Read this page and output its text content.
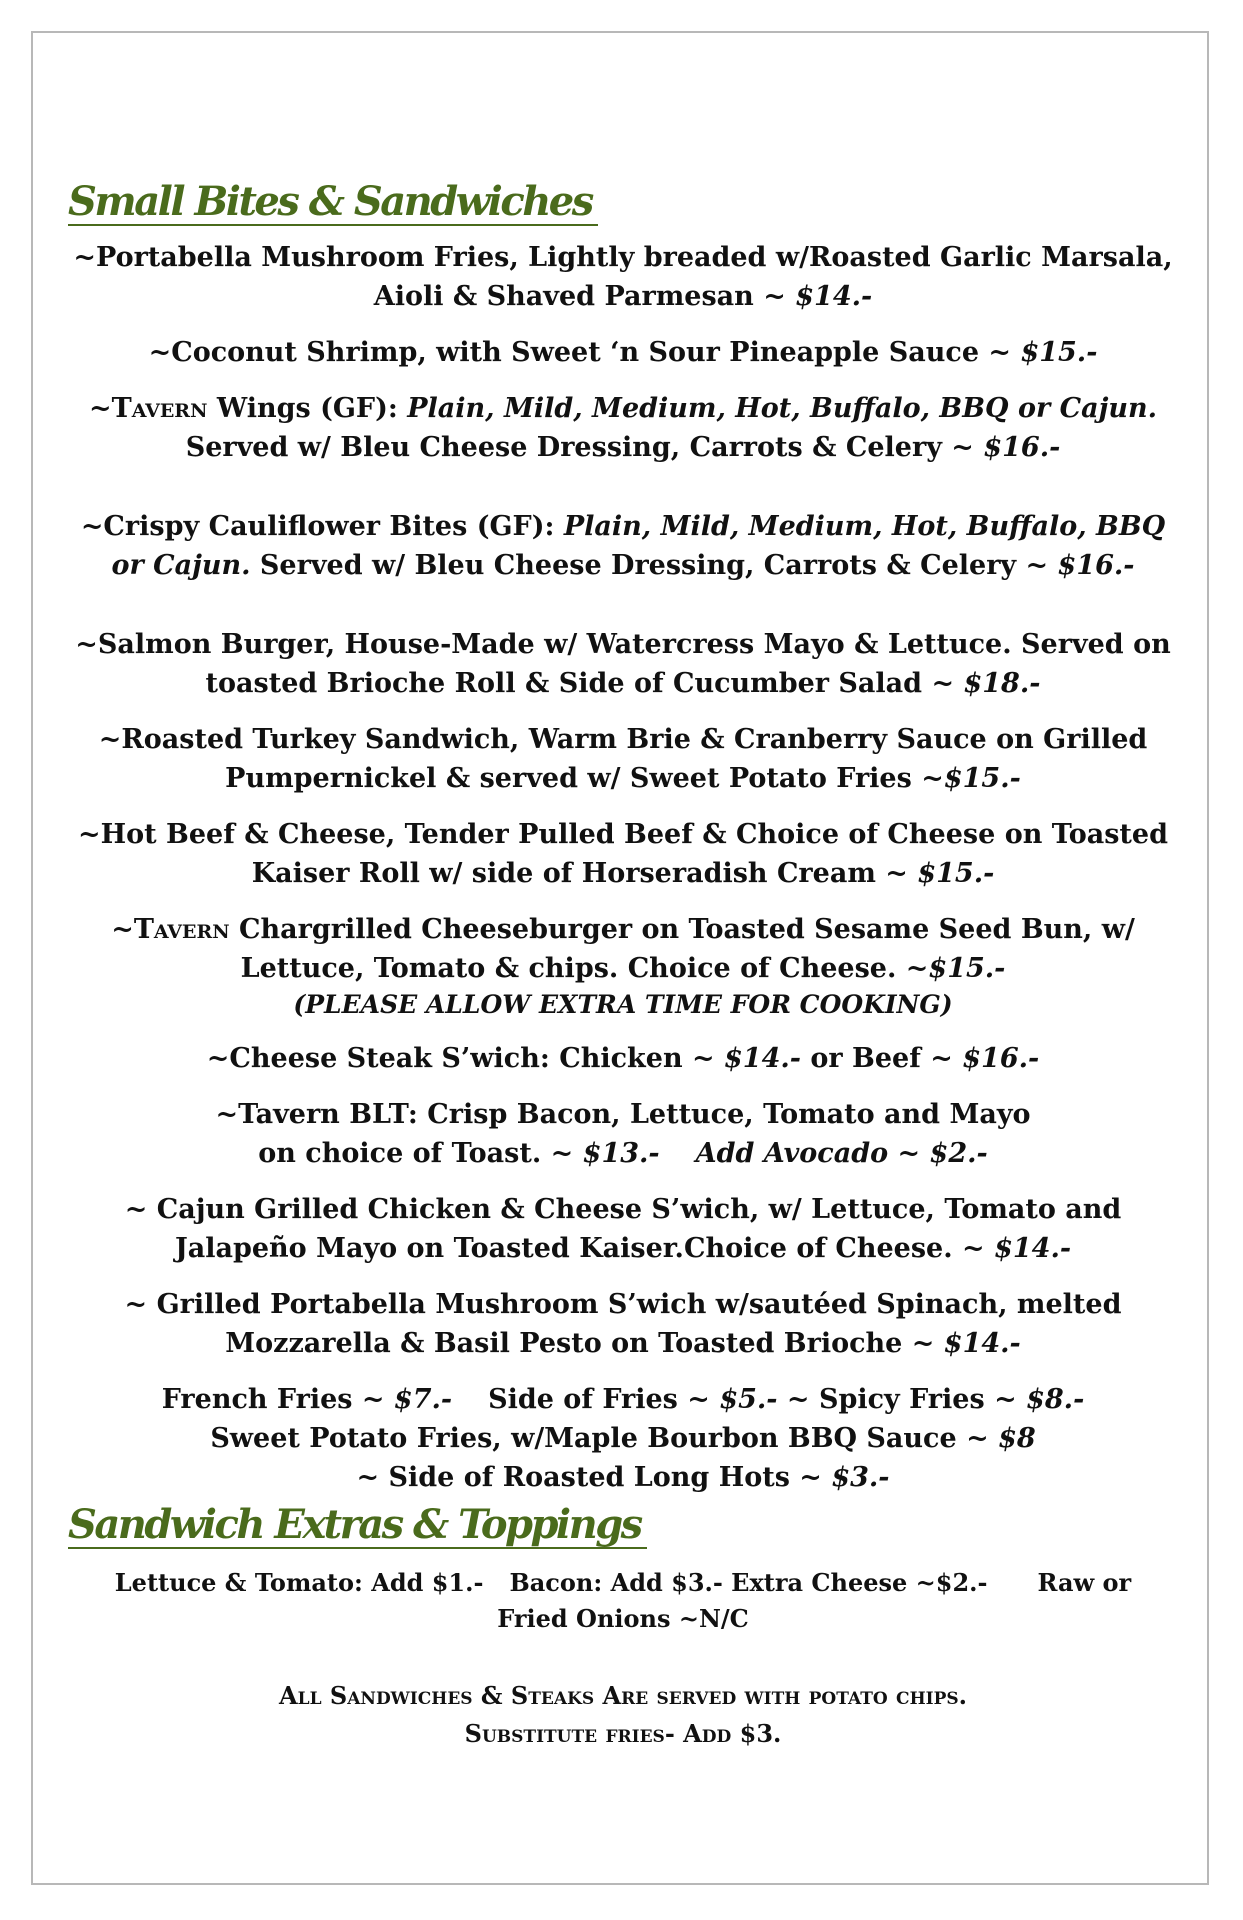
Small Bites & Sandwiches
~Portabella Mushroom Fries, Lightly breaded w/Roasted Garlic Marsala,
Aioli & Shaved Parmesan ~ $14.-
~Coconut Shrimp, with Sweet ‘n Sour Pineapple Sauce ~ $15.-
~Tavern Wings (GF): Plain, Mild, Medium, Hot, Buffalo, BBQ or Cajun.
Served w/ Bleu Cheese Dressing, Carrots & Celery ~ $16.-
~Crispy Cauliflower Bites (GF): Plain, Mild, Medium, Hot, Buffalo, BBQ
or Cajun. Served w/ Bleu Cheese Dressing, Carrots & Celery ~ $16.-
~Salmon Burger, House-Made w/ Watercress Mayo & Lettuce. Served on
toasted Brioche Roll & Side of Cucumber Salad ~ $18.-
~Roasted Turkey Sandwich, Warm Brie & Cranberry Sauce on Grilled
Pumpernickel & served w/ Sweet Potato Fries ~$15.-
~Hot Beef & Cheese, Tender Pulled Beef & Choice of Cheese on Toasted
Kaiser Roll w/ side of Horseradish Cream ~ $15.-
~Tavern Chargrilled Cheeseburger on Toasted Sesame Seed Bun, w/
Lettuce, Tomato & chips. Choice of Cheese. ~$15.-
(PLEASE ALLOW EXTRA TIME FOR COOKING)
~Cheese Steak S’wich: Chicken ~ $14.- or Beef ~ $16.-
~Tavern BLT: Crisp Bacon, Lettuce, Tomato and Mayo
on choice of Toast. ~ $13.- Add Avocado ~ $2.-
~ Cajun Grilled Chicken & Cheese S’wich, w/ Lettuce, Tomato and
Jalapeño Mayo on Toasted Kaiser.Choice of Cheese. ~ $14.-
~ Grilled Portabella Mushroom S’wich w/sautéed Spinach, melted
Mozzarella & Basil Pesto on Toasted Brioche ~ $14.-
French Fries ~ $7.- Side of Fries ~ $5.- ~ Spicy Fries ~ $8.-
Sweet Potato Fries, w/Maple Bourbon BBQ Sauce ~ $8
~ Side of Roasted Long Hots ~ $3.-
Sandwich Extras & Toppings
Lettuce & Tomato: Add $1.- Bacon: Add $3.- Extra Cheese ~$2.- Raw or
Fried Onions ~N/C
All Sandwiches & Steaks Are served with potato chips.
Substitute fries- Add $3.
